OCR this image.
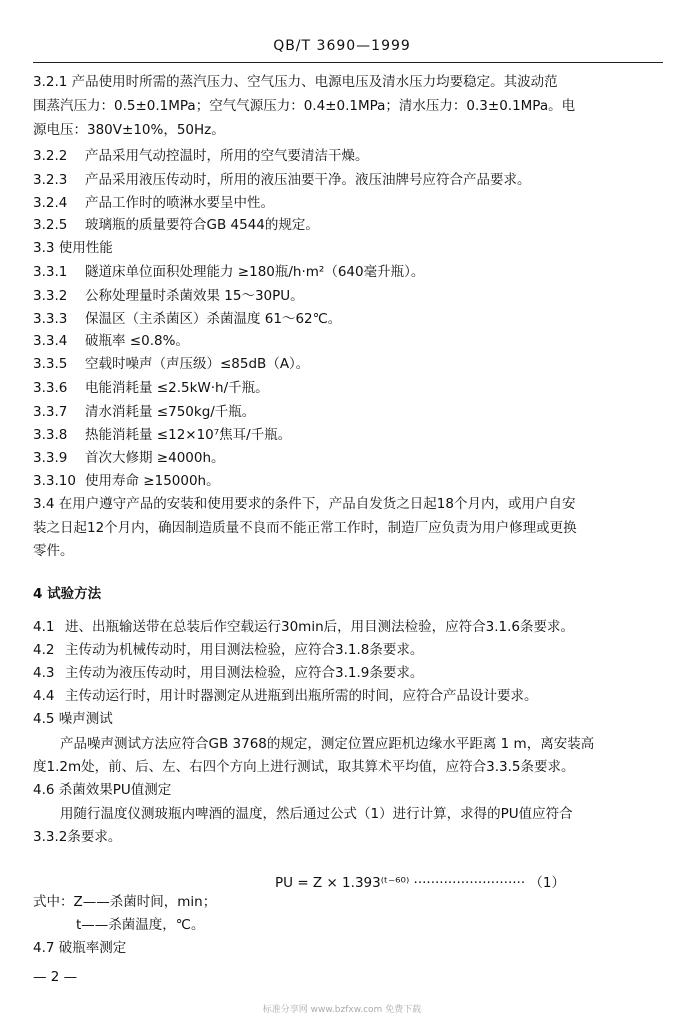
QB/T 3690—1999
3.2.1 产品使用时所需的蒸汽压力、空气压力、电源电压及清水压力均要稳定。其波动范
围蒸汽压力：0.5±0.1MPa；空气气源压力：0.4±0.1MPa；清水压力：0.3±0.1MPa。电
源电压：380V±10%，50Hz。
3.2.2 产品采用气动控温时，所用的空气要清洁干燥。
3.2.3 产品采用液压传动时，所用的液压油要干净。液压油牌号应符合产品要求。
3.2.4 产品工作时的喷淋水要呈中性。
3.2.5 玻璃瓶的质量要符合GB 4544的规定。
3.3 使用性能
3.3.1 隧道床单位面积处理能力 ≥180瓶/h·m²（640毫升瓶）。
3.3.2 公称处理量时杀菌效果 15～30PU。
3.3.3 保温区（主杀菌区）杀菌温度 61～62℃。
3.3.4 破瓶率 ≤0.8%。
3.3.5 空载时噪声（声压级）≤85dB（A）。
3.3.6 电能消耗量 ≤2.5kW·h/千瓶。
3.3.7 清水消耗量 ≤750kg/千瓶。
3.3.8 热能消耗量 ≤12×10⁷焦耳/千瓶。
3.3.9 首次大修期 ≥4000h。
3.3.10 使用寿命 ≥15000h。
3.4 在用户遵守产品的安装和使用要求的条件下，产品自发货之日起18个月内，或用户自安
装之日起12个月内，确因制造质量不良而不能正常工作时，制造厂应负责为用户修理或更换
零件。
4 试验方法
4.1 进、出瓶输送带在总装后作空载运行30min后，用目测法检验，应符合3.1.6条要求。
4.2 主传动为机械传动时，用目测法检验，应符合3.1.8条要求。
4.3 主传动为液压传动时，用目测法检验，应符合3.1.9条要求。
4.4 主传动运行时，用计时器测定从进瓶到出瓶所需的时间，应符合产品设计要求。
4.5 噪声测试
产品噪声测试方法应符合GB 3768的规定，测定位置应距机边缘水平距离 1 m，离安装高
度1.2m处，前、后、左、右四个方向上进行测试，取其算术平均值，应符合3.3.5条要求。
4.6 杀菌效果PU值测定
用随行温度仪测玻瓶内啤酒的温度，然后通过公式（1）进行计算，求得的PU值应符合
3.3.2条要求。
PU = Z × 1.393⁽ᵗ⁻⁶⁰⁾ ·························· （1）
式中：Z——杀菌时间，min；
t——杀菌温度，℃。
4.7 破瓶率测定
— 2 —
标准分享网 www.bzfxw.com 免费下载
